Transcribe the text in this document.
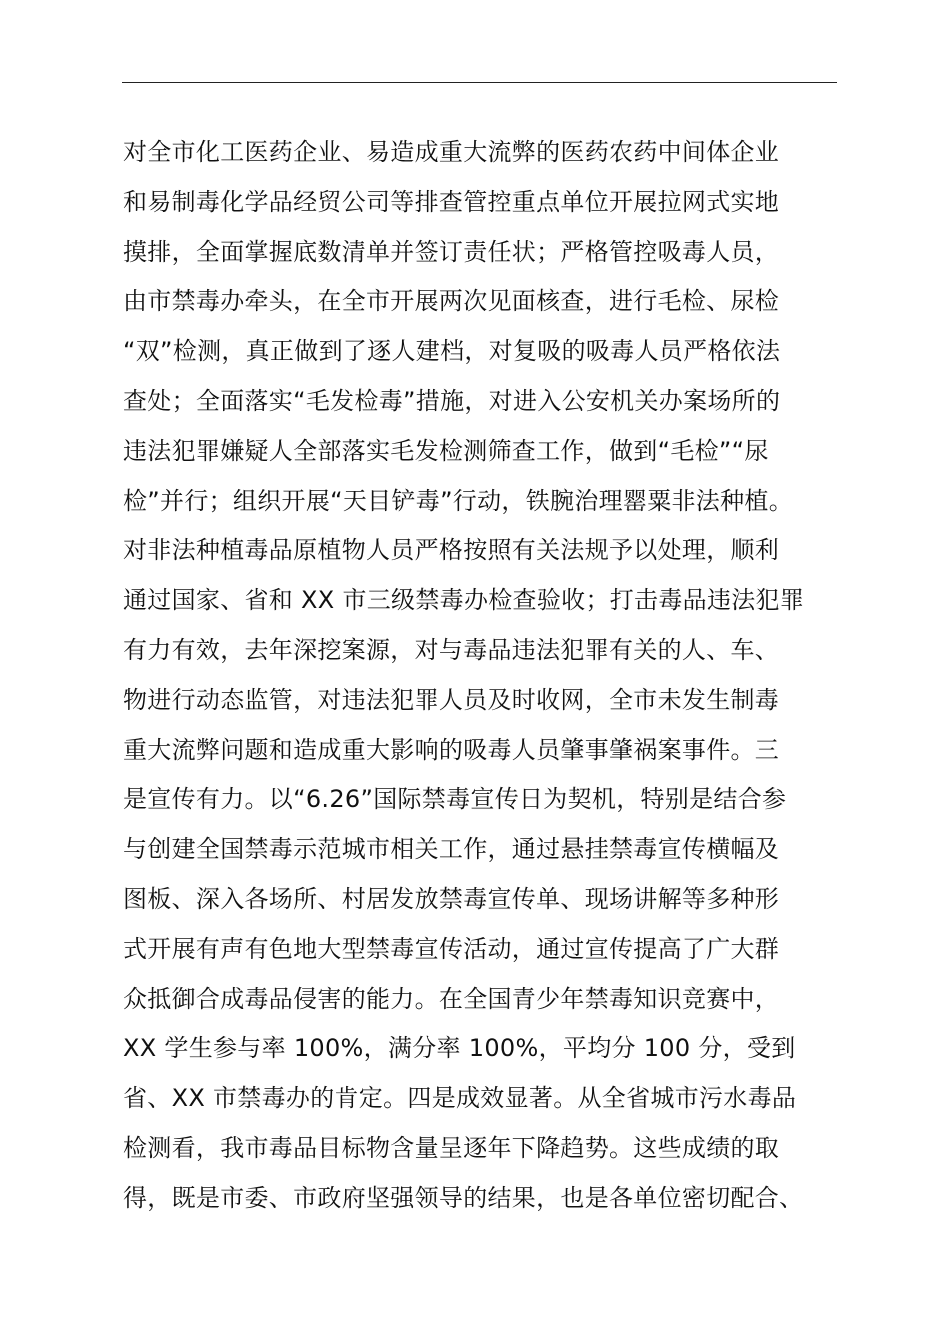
对全市化工医药企业、易造成重大流弊的医药农药中间体企业
和易制毒化学品经贸公司等排查管控重点单位开展拉网式实地
摸排，全面掌握底数清单并签订责任状；严格管控吸毒人员，
由市禁毒办牵头，在全市开展两次见面核查，进行毛检、尿检
“双”检测，真正做到了逐人建档，对复吸的吸毒人员严格依法
查处；全面落实“毛发检毒”措施，对进入公安机关办案场所的
违法犯罪嫌疑人全部落实毛发检测筛查工作，做到“毛检”“尿
检”并行；组织开展“天目铲毒”行动，铁腕治理罂粟非法种植。
对非法种植毒品原植物人员严格按照有关法规予以处理，顺利
通过国家、省和 XX 市三级禁毒办检查验收；打击毒品违法犯罪
有力有效，去年深挖案源，对与毒品违法犯罪有关的人、车、
物进行动态监管，对违法犯罪人员及时收网，全市未发生制毒
重大流弊问题和造成重大影响的吸毒人员肇事肇祸案事件。三
是宣传有力。以“6.26”国际禁毒宣传日为契机，特别是结合参
与创建全国禁毒示范城市相关工作，通过悬挂禁毒宣传横幅及
图板、深入各场所、村居发放禁毒宣传单、现场讲解等多种形
式开展有声有色地大型禁毒宣传活动，通过宣传提高了广大群
众抵御合成毒品侵害的能力。在全国青少年禁毒知识竞赛中，
XX 学生参与率 100%，满分率 100%，平均分 100 分，受到
省、XX 市禁毒办的肯定。四是成效显著。从全省城市污水毒品
检测看，我市毒品目标物含量呈逐年下降趋势。这些成绩的取
得，既是市委、市政府坚强领导的结果，也是各单位密切配合、
